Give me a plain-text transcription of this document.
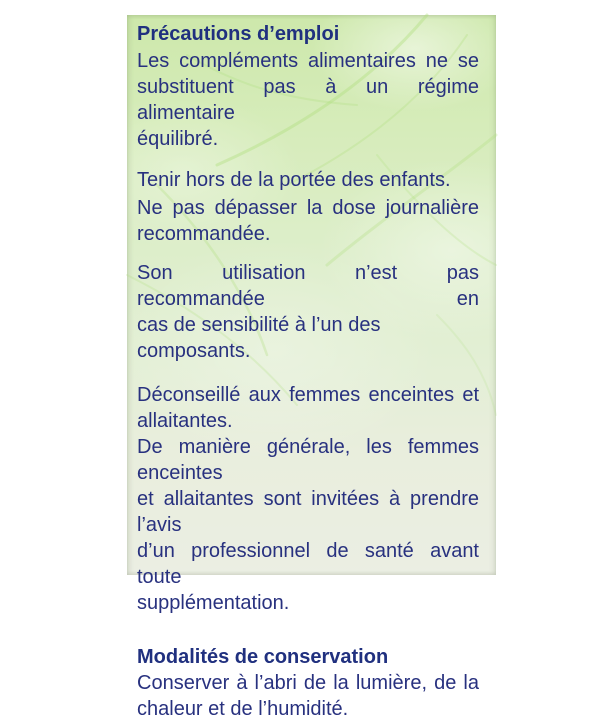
Précautions d’emploi
Les compléments alimentaires ne se
substituent pas à un régime alimentaire
équilibré.
Tenir hors de la portée des enfants.
Ne pas dépasser la dose journalière
recommandée.
Son utilisation n’est pas recommandée en
cas de sensibilité à l’un des composants.
Déconseillé aux femmes enceintes et
allaitantes.
De manière générale, les femmes enceintes
et allaitantes sont invitées à prendre l’avis
d’un professionnel de santé avant toute
supplémentation.
Modalités de conservation
Conserver à l’abri de la lumière, de la
chaleur et de l’humidité.
